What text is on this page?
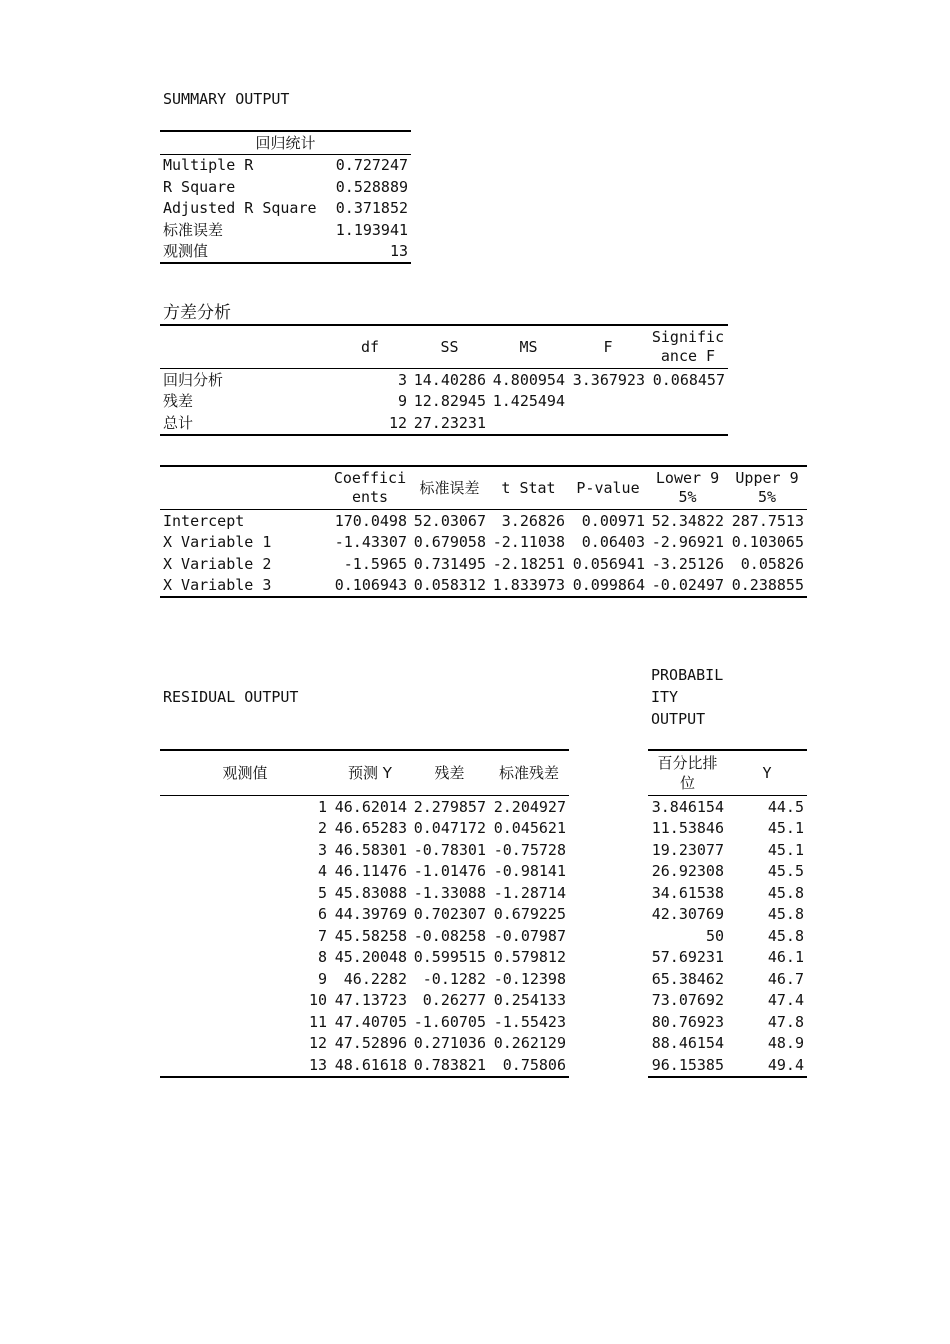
SUMMARY OUTPUT
回归统计	
Multiple R	0.727247
R Square	0.528889
Adjusted R Square	0.371852
标准误差	1.193941
观测值	13
方差分析
	df	SS	MS	F	Significance F
回归分析	3	14.40286	4.800954	3.367923	0.068457
残差	9	12.82945	1.425494		
总计	12	27.23231			
	Coefficients	标准误差	t Stat	P-value	Lower 95%	Upper 95%
Intercept	170.0498	52.03067	3.26826	0.00971	52.34822	287.7513
X Variable 1	-1.43307	0.679058	-2.11038	0.06403	-2.96921	0.103065
X Variable 2	-1.5965	0.731495	-2.18251	0.056941	-3.25126	0.05826
X Variable 3	0.106943	0.058312	1.833973	0.099864	-0.02497	0.238855
RESIDUAL OUTPUT
PROBABIL
ITY
OUTPUT
观测值	预测 Y	残差	标准残差
1	46.62014	2.279857	2.204927
2	46.65283	0.047172	0.045621
3	46.58301	-0.78301	-0.75728
4	46.11476	-1.01476	-0.98141
5	45.83088	-1.33088	-1.28714
6	44.39769	0.702307	0.679225
7	45.58258	-0.08258	-0.07987
8	45.20048	0.599515	0.579812
9	46.2282	-0.1282	-0.12398
10	47.13723	0.26277	0.254133
11	47.40705	-1.60705	-1.55423
12	47.52896	0.271036	0.262129
13	48.61618	0.783821	0.75806
百分比排位	Y
3.846154	44.5
11.53846	45.1
19.23077	45.1
26.92308	45.5
34.61538	45.8
42.30769	45.8
50	45.8
57.69231	46.1
65.38462	46.7
73.07692	47.4
80.76923	47.8
88.46154	48.9
96.15385	49.4
